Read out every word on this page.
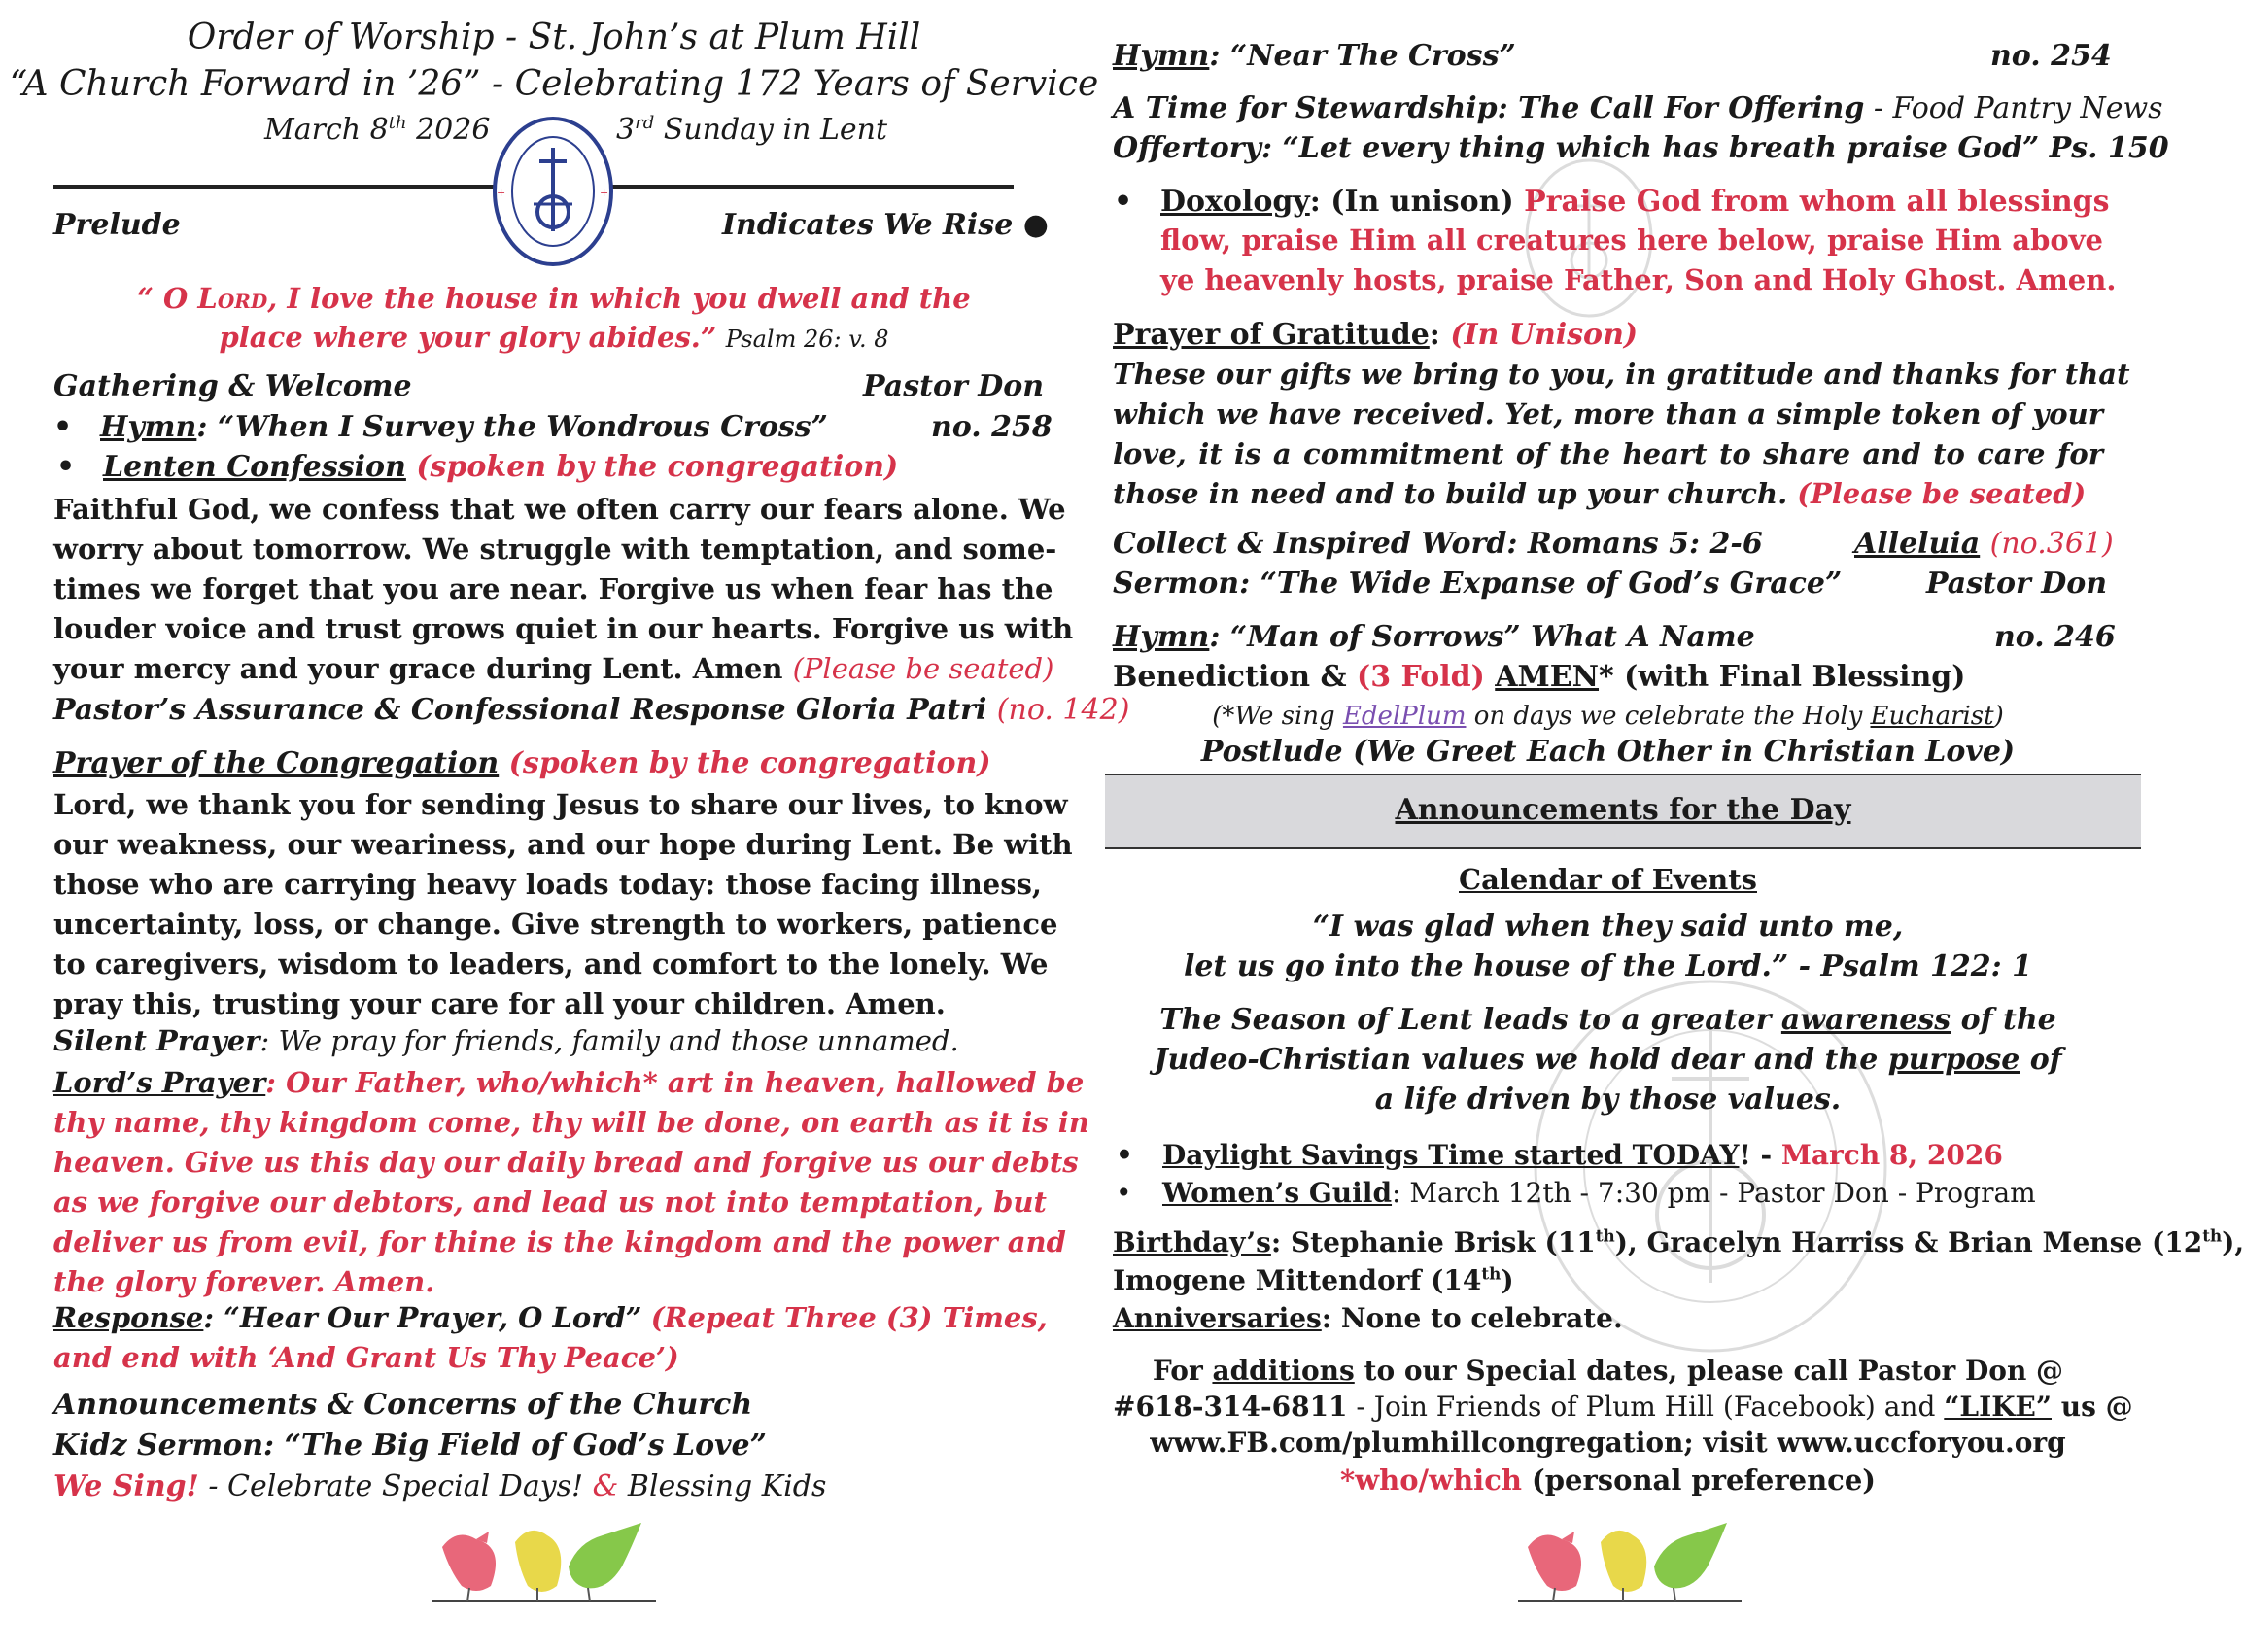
Order of Worship - St. John’s at Plum Hill
“A Church Forward in ’26” - Celebrating 172 Years of Service
March 8th 2026	3rd Sunday in Lent
+	+
Prelude	Indicates We Rise ●
“ O Lord, I love the house in which you dwell and the
place where your glory abides.” Psalm 26: v. 8
Gathering & Welcome	Pastor Don
• Hymn: “When I Survey the Wondrous Cross”	no. 258
• Lenten Confession (spoken by the congregation)
Faithful God, we confess that we often carry our fears alone. We
worry about tomorrow. We struggle with temptation, and some-
times we forget that you are near. Forgive us when fear has the
louder voice and trust grows quiet in our hearts. Forgive us with
your mercy and your grace during Lent. Amen (Please be seated)
Pastor’s Assurance & Confessional Response Gloria Patri (no. 142)
Prayer of the Congregation (spoken by the congregation)
Lord, we thank you for sending Jesus to share our lives, to know
our weakness, our weariness, and our hope during Lent. Be with
those who are carrying heavy loads today: those facing illness,
uncertainty, loss, or change. Give strength to workers, patience
to caregivers, wisdom to leaders, and comfort to the lonely. We
pray this, trusting your care for all your children. Amen.
Silent Prayer: We pray for friends, family and those unnamed.
Lord’s Prayer: Our Father, who/which* art in heaven, hallowed be
thy name, thy kingdom come, thy will be done, on earth as it is in
heaven. Give us this day our daily bread and forgive us our debts
as we forgive our debtors, and lead us not into temptation, but
deliver us from evil, for thine is the kingdom and the power and
the glory forever. Amen.
Response: “Hear Our Prayer, O Lord” (Repeat Three (3) Times,
and end with ‘And Grant Us Thy Peace’)
Announcements & Concerns of the Church
Kidz Sermon: “The Big Field of God’s Love”
We Sing! - Celebrate Special Days! & Blessing Kids
Hymn: “Near The Cross”	no. 254
A Time for Stewardship: The Call For Offering - Food Pantry News
Offertory: “Let every thing which has breath praise God” Ps. 150
• Doxology: (In unison) Praise God from whom all blessings
flow, praise Him all creatures here below, praise Him above
ye heavenly hosts, praise Father, Son and Holy Ghost. Amen.
Prayer of Gratitude: (In Unison)
These our gifts we bring to you, in gratitude and thanks for that
which we have received. Yet, more than a simple token of your
love, it is a commitment of the heart to share and to care for
those in need and to build up your church. (Please be seated)
Collect & Inspired Word: Romans 5: 2-6	Alleluia (no.361)
Sermon: “The Wide Expanse of God’s Grace”	Pastor Don
Hymn: “Man of Sorrows” What A Name	no. 246
Benediction & (3 Fold) AMEN* (with Final Blessing)
(*We sing EdelPlum on days we celebrate the Holy Eucharist)
Postlude (We Greet Each Other in Christian Love)
Announcements for the Day
Calendar of Events
“I was glad when they said unto me,
let us go into the house of the Lord.” - Psalm 122: 1
The Season of Lent leads to a greater awareness of the
Judeo-Christian values we hold dear and the purpose of
a life driven by those values.
• Daylight Savings Time started TODAY! - March 8, 2026
• Women’s Guild: March 12th - 7:30 pm - Pastor Don - Program
Birthday’s: Stephanie Brisk (11th), Gracelyn Harriss & Brian Mense (12th),
Imogene Mittendorf (14th)
Anniversaries: None to celebrate.
For additions to our Special dates, please call Pastor Don @
#618-314-6811 - Join Friends of Plum Hill (Facebook) and “LIKE” us @
www.FB.com/plumhillcongregation; visit www.uccforyou.org
*who/which (personal preference)
